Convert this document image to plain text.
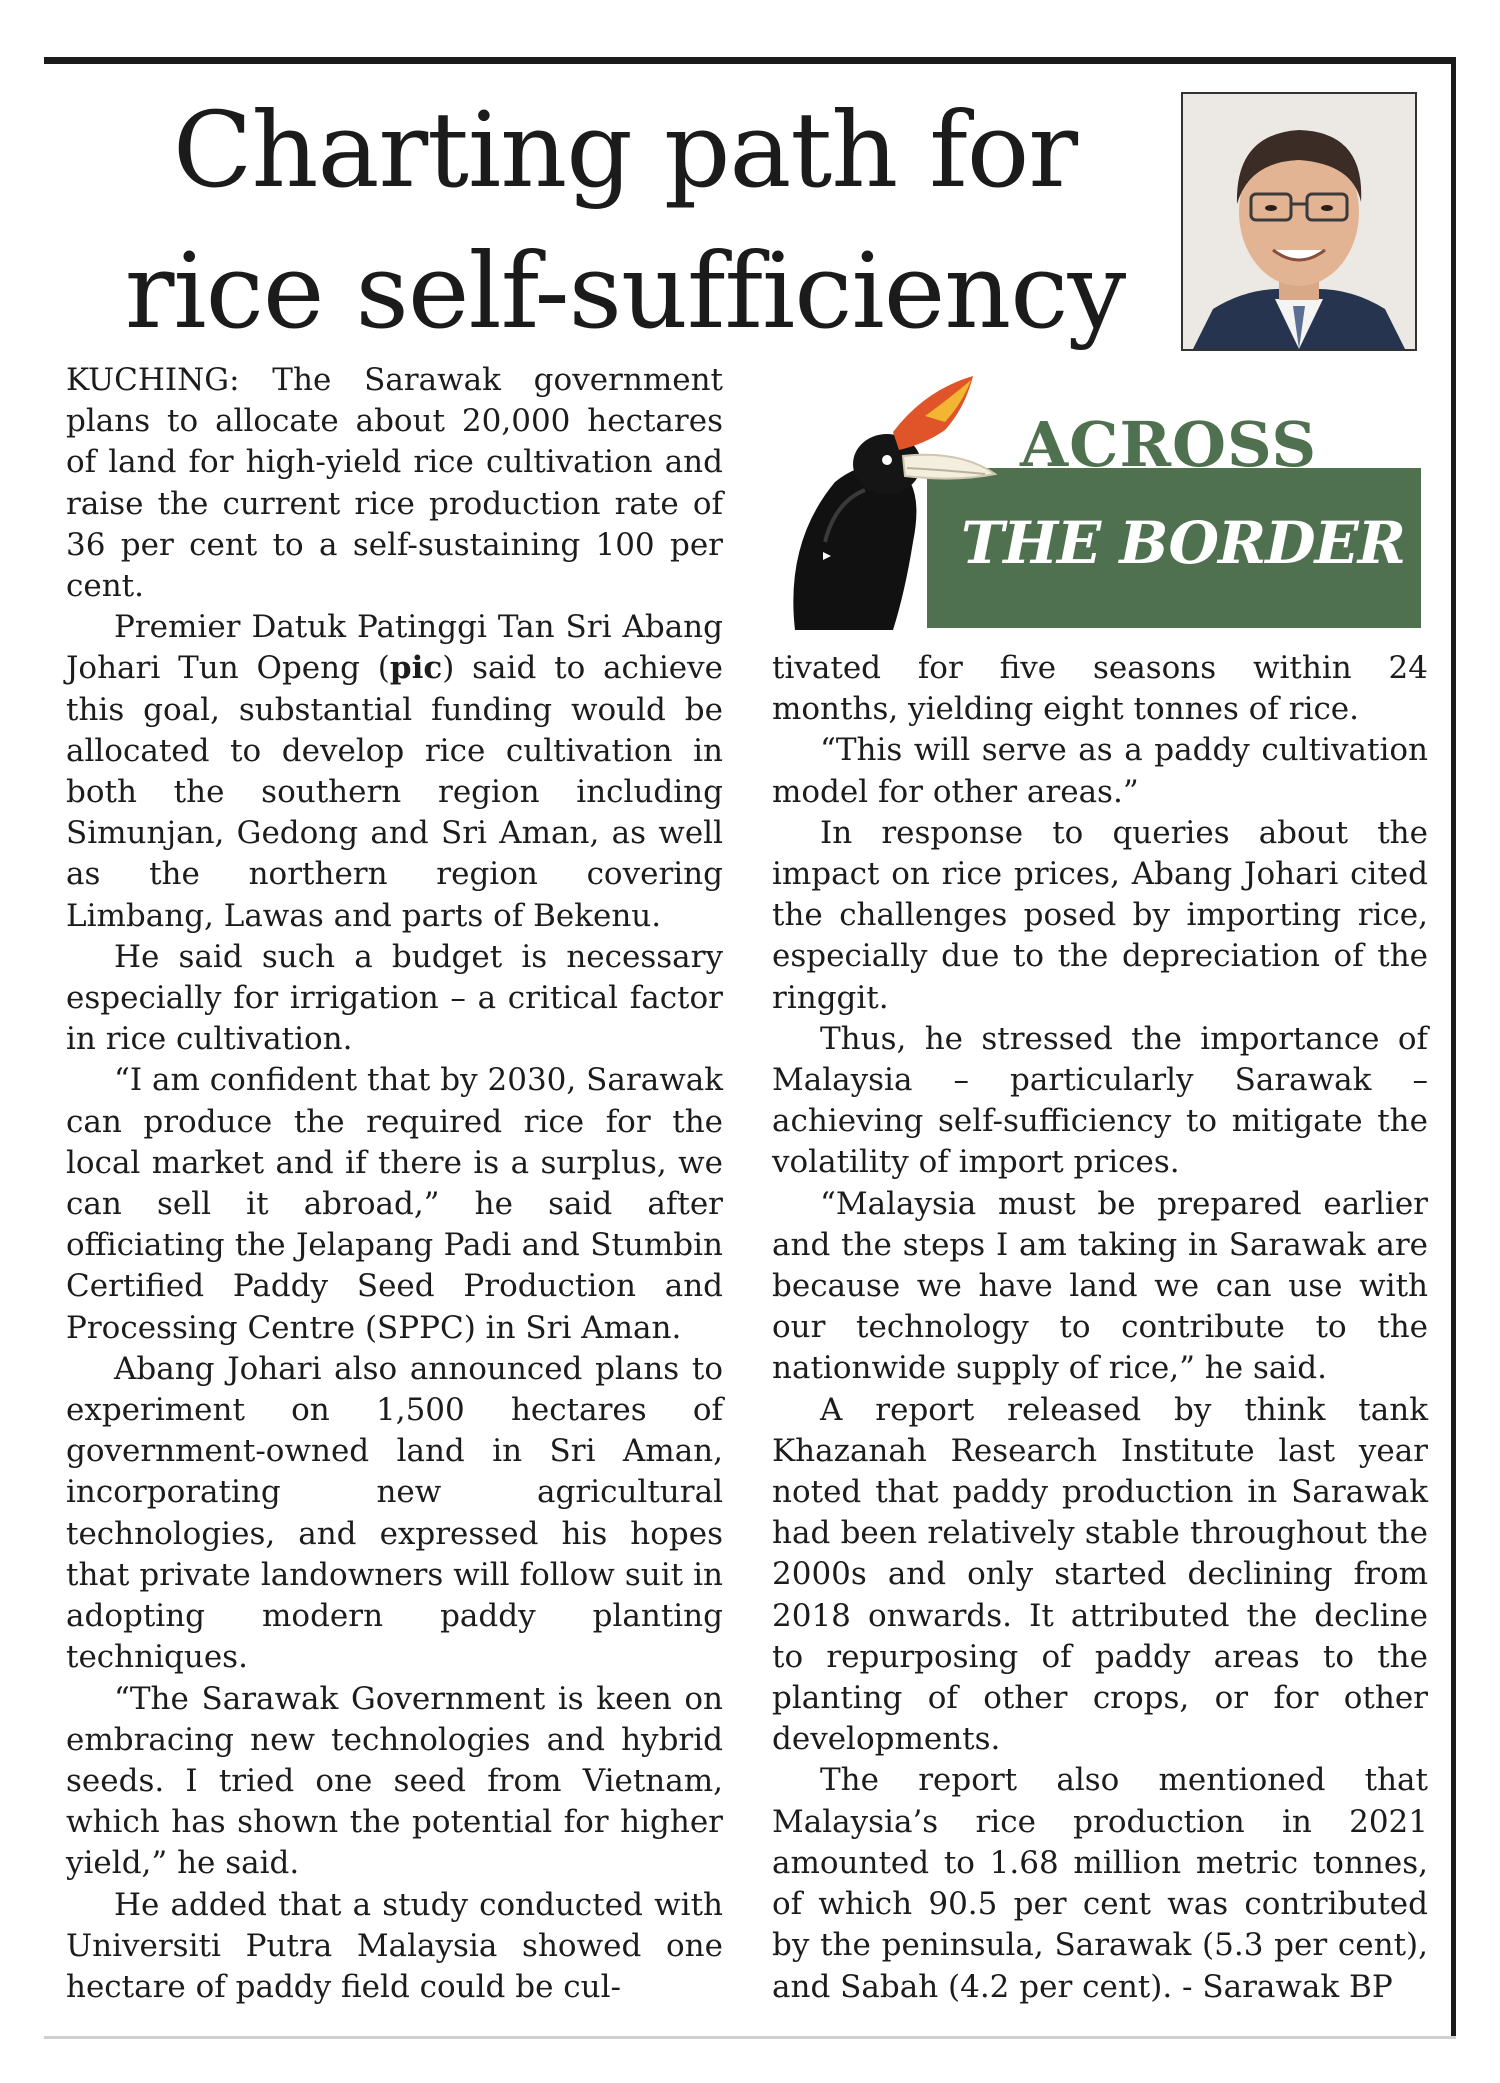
Charting path for
rice self-sufficiency
ACROSS
THE BORDER

KUCHING: The Sarawak government plans to allocate about 20,000 hectares of land for high-yield rice cultivation and raise the current rice production rate of 36 per cent to a self-sustaining 100 per cent.

Premier Datuk Patinggi Tan Sri Abang Johari Tun Openg (pic) said to achieve this goal, substantial funding would be allocated to develop rice cultivation in both the southern region including Simunjan, Gedong and Sri Aman, as well as the northern region covering Limbang, Lawas and parts of Bekenu.

He said such a budget is necessary especially for irrigation – a critical factor in rice cultivation.

“I am confident that by 2030, Sarawak can produce the required rice for the local market and if there is a surplus, we can sell it abroad,” he said after officiating the Jelapang Padi and Stumbin Certified Paddy Seed Production and Processing Centre (SPPC) in Sri Aman.

Abang Johari also announced plans to experiment on 1,500 hectares of government-owned land in Sri Aman, incorporating new agricultural technologies, and expressed his hopes that private landowners will follow suit in adopting modern paddy planting techniques.

“The Sarawak Government is keen on embracing new technologies and hybrid seeds. I tried one seed from Vietnam, which has shown the potential for higher yield,” he said.

He added that a study conducted with Universiti Putra Malaysia showed one hectare of paddy field could be cul-

tivated for five seasons within 24 months, yielding eight tonnes of rice.

“This will serve as a paddy cultivation model for other areas.”

In response to queries about the impact on rice prices, Abang Johari cited the challenges posed by importing rice, especially due to the depreciation of the ringgit.

Thus, he stressed the importance of Malaysia – particularly Sarawak – achieving self-sufficiency to mitigate the volatility of import prices.

“Malaysia must be prepared earlier and the steps I am taking in Sarawak are because we have land we can use with our technology to contribute to the nationwide supply of rice,” he said.

A report released by think tank Khazanah Research Institute last year noted that paddy production in Sarawak had been relatively stable throughout the 2000s and only started declining from 2018 onwards. It attributed the decline to repurposing of paddy areas to the planting of other crops, or for other developments.

The report also mentioned that Malaysia’s rice production in 2021 amounted to 1.68 million metric tonnes, of which 90.5 per cent was contributed by the peninsula, Sarawak (5.3 per cent), and Sabah (4.2 per cent). - Sarawak BP
